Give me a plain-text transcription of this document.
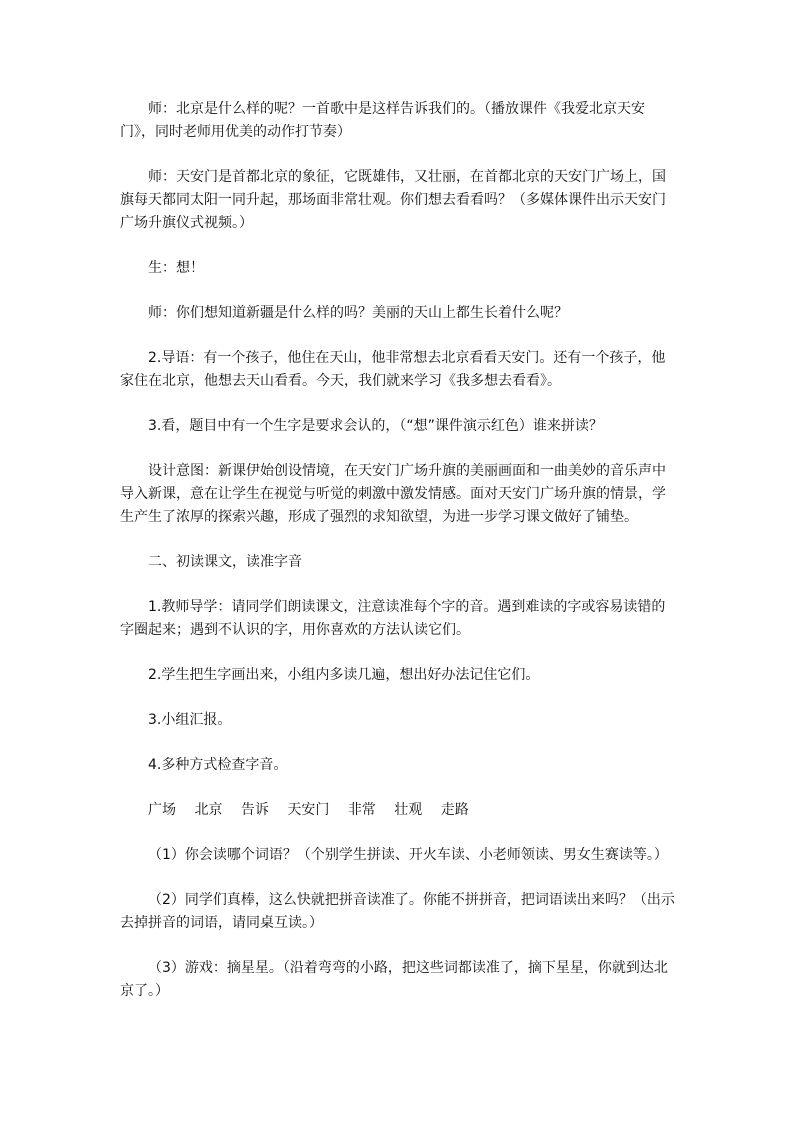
师：北京是什么样的呢？一首歌中是这样告诉我们的。（播放课件《我爱北京天安门》，同时老师用优美的动作打节奏）

师：天安门是首都北京的象征，它既雄伟，又壮丽，在首都北京的天安门广场上，国旗每天都同太阳一同升起，那场面非常壮观。你们想去看看吗？（多媒体课件出示天安门广场升旗仪式视频。）

生：想！

师：你们想知道新疆是什么样的吗？美丽的天山上都生长着什么呢？

2.导语：有一个孩子，他住在天山，他非常想去北京看看天安门。还有一个孩子，他家住在北京，他想去天山看看。今天，我们就来学习《我多想去看看》。

3.看，题目中有一个生字是要求会认的，（“想”课件演示红色）谁来拼读？

设计意图：新课伊始创设情境，在天安门广场升旗的美丽画面和一曲美妙的音乐声中导入新课，意在让学生在视觉与听觉的刺激中激发情感。面对天安门广场升旗的情景，学生产生了浓厚的探索兴趣，形成了强烈的求知欲望，为进一步学习课文做好了铺垫。

二、初读课文，读准字音

1.教师导学：请同学们朗读课文，注意读准每个字的音。遇到难读的字或容易读错的字圈起来；遇到不认识的字，用你喜欢的方法认读它们。

2.学生把生字画出来，小组内多读几遍，想出好办法记住它们。

3.小组汇报。

4.多种方式检查字音。

广场 北京 告诉 天安门 非常 壮观 走路

（1）你会读哪个词语？（个别学生拼读、开火车读、小老师领读、男女生赛读等。）

（2）同学们真棒，这么快就把拼音读准了。你能不拼拼音，把词语读出来吗？（出示去掉拼音的词语，请同桌互读。）

（3）游戏：摘星星。（沿着弯弯的小路，把这些词都读准了，摘下星星，你就到达北京了。）
